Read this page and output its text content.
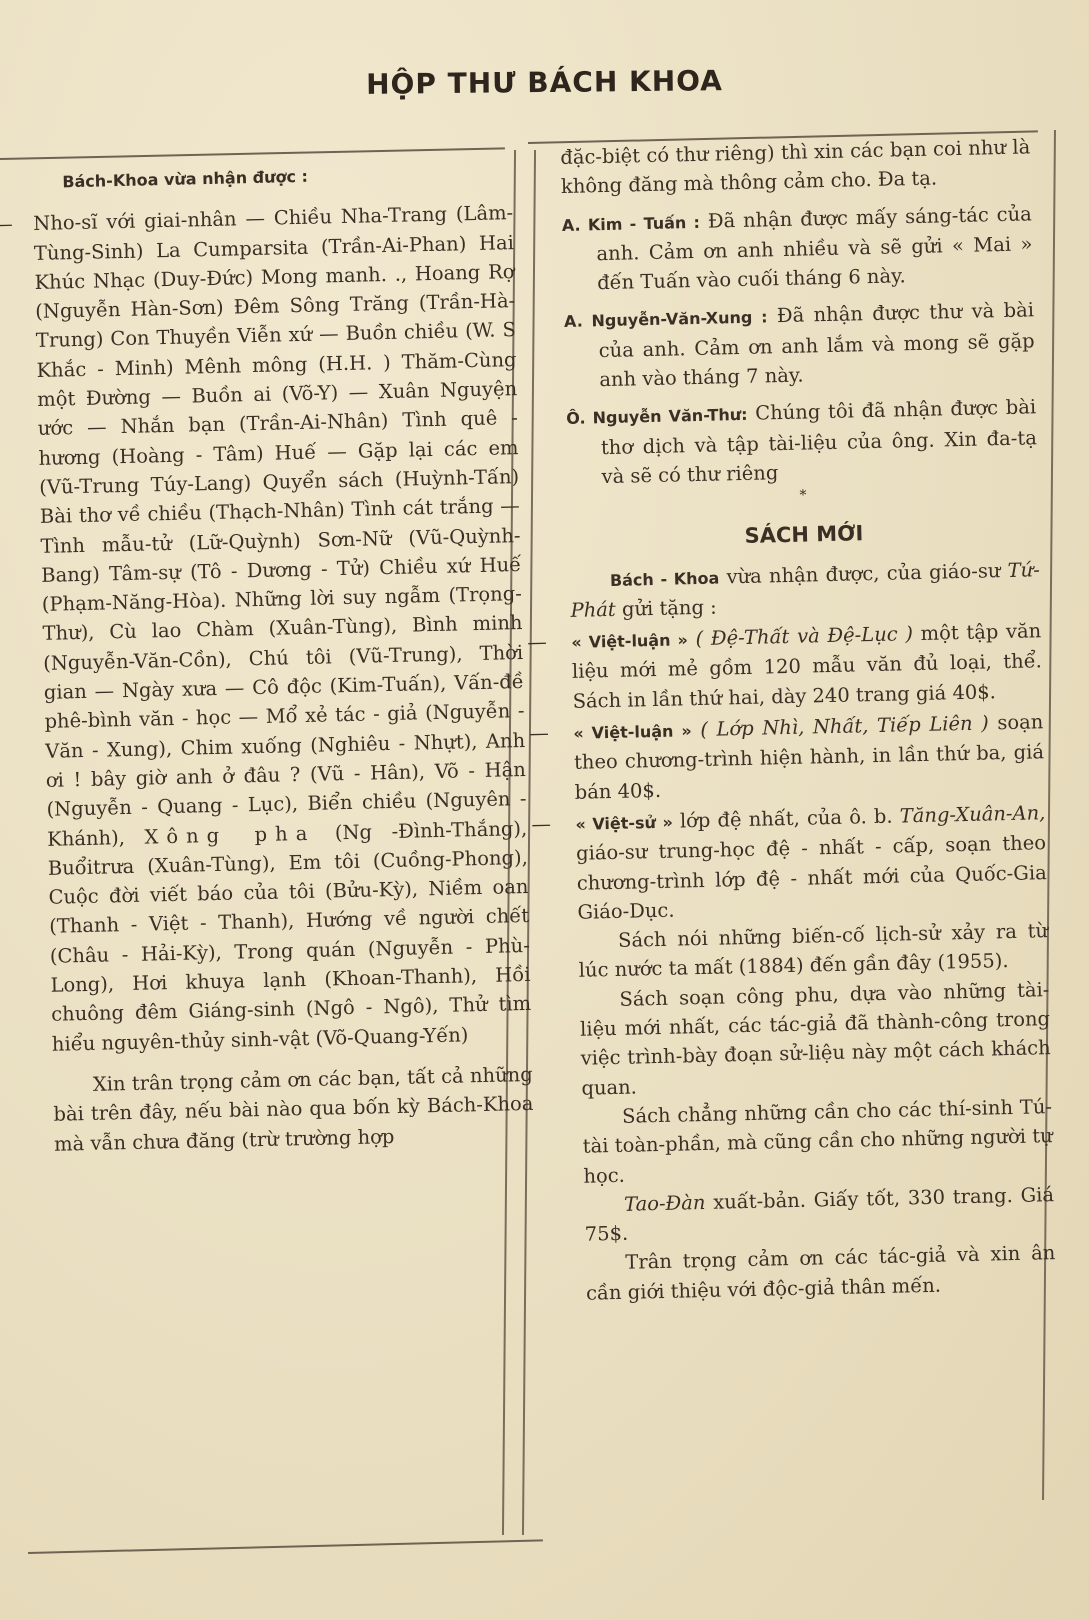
HỘP THƯ BÁCH KHOA

Bách-Khoa vừa nhận được :

— Nho-sĩ với giai-nhân — Chiều Nha-Trang (Lâm-Tùng-Sinh) La Cumparsita (Trần-Ai-Phan) Hai Khúc Nhạc (Duy-Đức) Mong manh. ., Hoang Rợ (Nguyễn Hàn-Sơn) Đêm Sông Trăng (Trần-Hà-Trung) Con Thuyền Viễn xứ — Buồn chiều (W. S Khắc - Minh) Mênh mông (H.H. ) Thăm-Cùng một Đường — Buồn ai (Võ-Y) — Xuân Nguyện ước — Nhắn bạn (Trần-Ai-Nhân) Tình quê - hương (Hoàng - Tâm) Huế — Gặp lại các em (Vũ-Trung Túy-Lang) Quyển sách (Huỳnh-Tấn) Bài thơ về chiều (Thạch-Nhân) Tình cát trắng — Tình mẫu-tử (Lữ-Quỳnh) Sơn-Nữ (Vũ-Quỳnh-Bang) Tâm-sự (Tô - Dương - Tử) Chiều xứ Huế (Phạm-Năng-Hòa). Những lời suy ngẫm (Trọng-Thư), Cù lao Chàm (Xuân-Tùng), Bình minh (Nguyễn-Văn-Cồn), Chú tôi (Vũ-Trung), Thời gian — Ngày xưa — Cô độc (Kim-Tuấn), Vấn-đề phê-bình văn - học — Mổ xẻ tác - giả (Nguyễn - Văn - Xung), Chim xuống (Nghiêu - Nhựt), Anh ơi ! bây giờ anh ở đâu ? (Vũ - Hân), Võ - Hận (Nguyễn - Quang - Lục), Biển chiều (Nguyên - Khánh), Xông pha (Ng -Đình-Thắng), Buổitrưa (Xuân-Tùng), Em tôi (Cuồng-Phong), Cuộc đời viết báo của tôi (Bửu-Kỳ), Niềm oan (Thanh - Việt - Thanh), Hướng về người chết (Châu - Hải-Kỳ), Trong quán (Nguyễn - Phù-Long), Hơi khuya lạnh (Khoan-Thanh), Hồi chuông đêm Giáng-sinh (Ngô - Ngô), Thử tìm hiểu nguyên-thủy sinh-vật (Võ-Quang-Yến)

Xin trân trọng cảm ơn các bạn, tất cả những bài trên đây, nếu bài nào qua bốn kỳ Bách-Khoa mà vẫn chưa đăng (trừ trường hợp

đặc-biệt có thư riêng) thì xin các bạn coi như là không đăng mà thông cảm cho. Đa tạ.

A. Kim - Tuấn : Đã nhận được mấy sáng-tác của anh. Cảm ơn anh nhiều và sẽ gửi « Mai » đến Tuấn vào cuối tháng 6 này.

A. Nguyễn-Văn-Xung : Đã nhận được thư và bài của anh. Cảm ơn anh lắm và mong sẽ gặp anh vào tháng 7 này.

Ô. Nguyễn Văn-Thư: Chúng tôi đã nhận được bài thơ dịch và tập tài-liệu của ông. Xin đa-tạ và sẽ có thư riêng

*
SÁCH MỚI

Bách - Khoa vừa nhận được, của giáo-sư Tứ-Phát gửi tặng :

— « Việt-luận » ( Đệ-Thất và Đệ-Lục ) một tập văn liệu mới mẻ gồm 120 mẫu văn đủ loại, thể. Sách in lần thứ hai, dày 240 trang giá 40$.

— « Việt-luận » ( Lớp Nhì, Nhất, Tiếp Liên ) soạn theo chương-trình hiện hành, in lần thứ ba, giá bán 40$.

— « Việt-sử » lớp đệ nhất, của ô. b. Tăng-Xuân-An, giáo-sư trung-học đệ - nhất - cấp, soạn theo chương-trình lớp đệ - nhất mới của Quốc-Gia Giáo-Dục.

Sách nói những biến-cố lịch-sử xảy ra từ lúc nước ta mất (1884) đến gần đây (1955).

Sách soạn công phu, dựa vào những tài-liệu mới nhất, các tác-giả đã thành-công trong việc trình-bày đoạn sử-liệu này một cách khách quan.

Sách chẳng những cần cho các thí-sinh Tú-tài toàn-phần, mà cũng cần cho những người tự học.

Tao-Đàn xuất-bản. Giấy tốt, 330 trang. Giá 75$.

Trân trọng cảm ơn các tác-giả và xin ân cần giới thiệu với độc-giả thân mến.
